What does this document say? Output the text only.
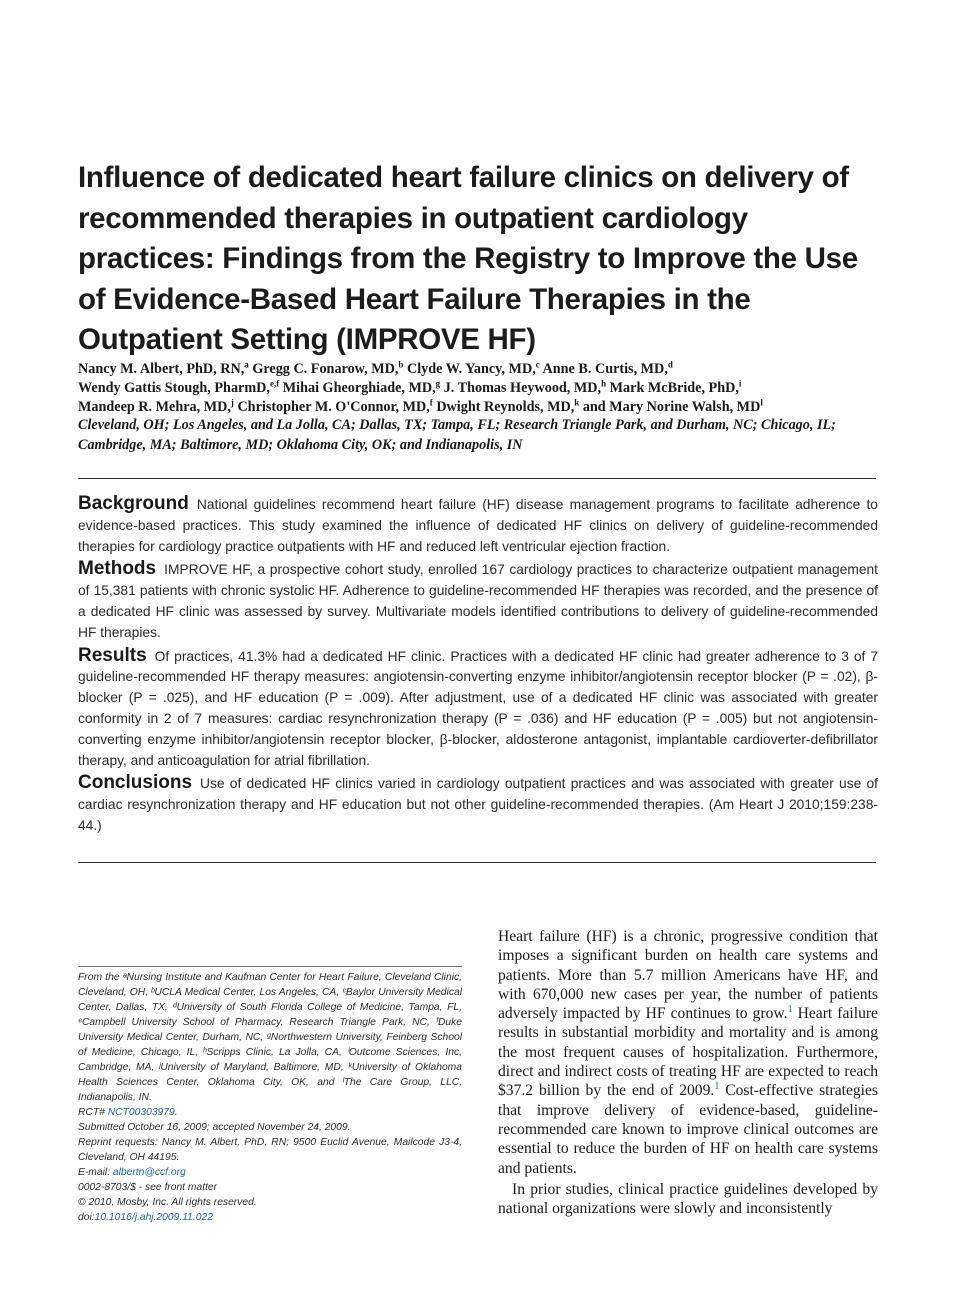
Influence of dedicated heart failure clinics on delivery of recommended therapies in outpatient cardiology practices: Findings from the Registry to Improve the Use of Evidence-Based Heart Failure Therapies in the Outpatient Setting (IMPROVE HF)
Nancy M. Albert, PhD, RN,$^a$ Gregg C. Fonarow, MD,$^b$ Clyde W. Yancy, MD,$^c$ Anne B. Curtis, MD,$^d$
Wendy Gattis Stough, PharmD,$^{e,f}$ Mihai Gheorghiade, MD,$^g$ J. Thomas Heywood, MD,$^h$ Mark McBride, PhD,$^i$
Mandeep R. Mehra, MD,$^j$ Christopher M. O'Connor, MD,$^f$ Dwight Reynolds, MD,$^k$ and Mary Norine Walsh, $MD^l$
Cleveland, OH; Los Angeles, and La Jolla, CA; Dallas, TX; Tampa, FL; Research Triangle Park, and Durham, NC; Chicago, IL; Cambridge, MA; Baltimore, MD; Oklahoma City, OK; and Indianapolis, IN

Background National guidelines recommend heart failure (HF) disease management programs to facilitate adherence to evidence-based practices. This study examined the influence of dedicated HF clinics on delivery of guideline-recommended therapies for cardiology practice outpatients with HF and reduced left ventricular ejection fraction.

Methods IMPROVE HF, a prospective cohort study, enrolled 167 cardiology practices to characterize outpatient management of 15,381 patients with chronic systolic HF. Adherence to guideline-recommended HF therapies was recorded, and the presence of a dedicated HF clinic was assessed by survey. Multivariate models identified contributions to delivery of guideline-recommended HF therapies.

Results Of practices, 41.3% had a dedicated HF clinic. Practices with a dedicated HF clinic had greater adherence to 3 of 7 guideline-recommended HF therapy measures: angiotensin-converting enzyme inhibitor/angiotensin receptor blocker (P = .02), β-blocker (P = .025), and HF education (P = .009). After adjustment, use of a dedicated HF clinic was associated with greater conformity in 2 of 7 measures: cardiac resynchronization therapy (P = .036) and HF education (P = .005) but not angiotensin-converting enzyme inhibitor/angiotensin receptor blocker, β-blocker, aldosterone antagonist, implantable cardioverter-defibrillator therapy, and anticoagulation for atrial fibrillation.

Conclusions Use of dedicated HF clinics varied in cardiology outpatient practices and was associated with greater use of cardiac resynchronization therapy and HF education but not other guideline-recommended therapies. (Am Heart J 2010;159:238-44.)

From the ᵃNursing Institute and Kaufman Center for Heart Failure, Cleveland Clinic, Cleveland, OH, ᵇUCLA Medical Center, Los Angeles, CA, ᶜBaylor University Medical Center, Dallas, TX, ᵈUniversity of South Florida College of Medicine, Tampa, FL, ᵉCampbell University School of Pharmacy, Research Triangle Park, NC, ᶠDuke University Medical Center, Durham, NC, ᵍNorthwestern University, Feinberg School of Medicine, Chicago, IL, ʰScripps Clinic, La Jolla, CA, ⁱOutcome Sciences, Inc, Cambridge, MA, ʲUniversity of Maryland, Baltimore, MD, ᵏUniversity of Oklahoma Health Sciences Center, Oklahoma City, OK, and ˡThe Care Group, LLC, Indianapolis, IN.

RCT# NCT00303979.

Submitted October 16, 2009; accepted November 24, 2009.

Reprint requests: Nancy M. Albert, PhD, RN; 9500 Euclid Avenue, Mailcode J3-4, Cleveland, OH 44195.

E-mail: albertn@ccf.org

0002-8703/$ - see front matter

© 2010, Mosby, Inc. All rights reserved.

doi:10.1016/j.ahj.2009.11.022

Heart failure (HF) is a chronic, progressive condition that imposes a significant burden on health care systems and patients. More than 5.7 million Americans have HF, and with 670,000 new cases per year, the number of patients adversely impacted by HF continues to grow.$^1$ Heart failure results in substantial morbidity and mortality and is among the most frequent causes of hospitalization. Furthermore, direct and indirect costs of treating HF are expected to reach $37.2 billion by the end of 2009.$^1$ Cost-effective strategies that improve delivery of evidence-based, guideline-recommended care known to improve clinical outcomes are essential to reduce the burden of HF on health care systems and patients.

In prior studies, clinical practice guidelines developed by national organizations were slowly and inconsistently
